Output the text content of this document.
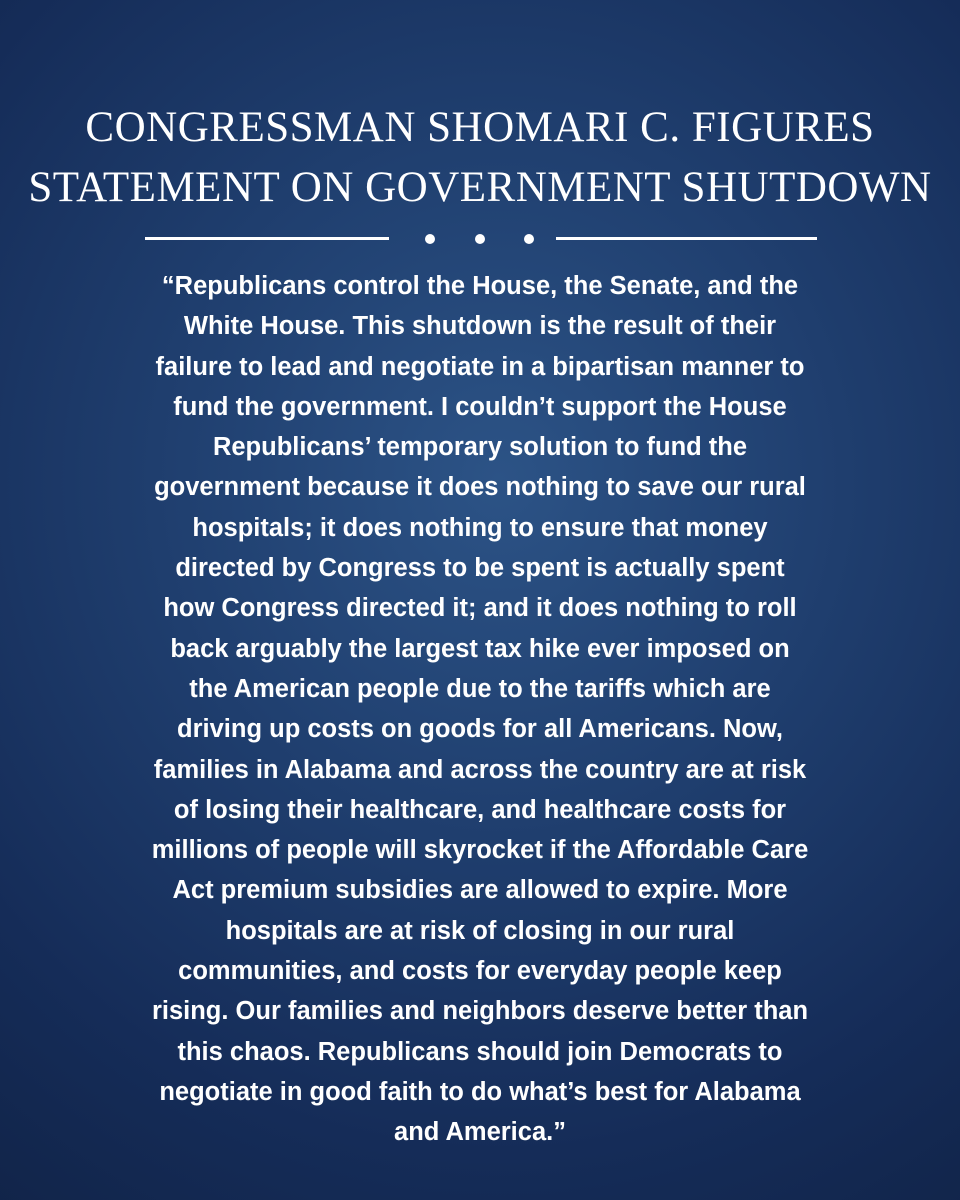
CONGRESSMAN SHOMARI C. FIGURES
STATEMENT ON GOVERNMENT SHUTDOWN
“Republicans control the House, the Senate, and the
White House. This shutdown is the result of their
failure to lead and negotiate in a bipartisan manner to
fund the government. I couldn’t support the House
Republicans’ temporary solution to fund the
government because it does nothing to save our rural
hospitals; it does nothing to ensure that money
directed by Congress to be spent is actually spent
how Congress directed it; and it does nothing to roll
back arguably the largest tax hike ever imposed on
the American people due to the tariffs which are
driving up costs on goods for all Americans. Now,
families in Alabama and across the country are at risk
of losing their healthcare, and healthcare costs for
millions of people will skyrocket if the Affordable Care
Act premium subsidies are allowed to expire. More
hospitals are at risk of closing in our rural
communities, and costs for everyday people keep
rising. Our families and neighbors deserve better than
this chaos. Republicans should join Democrats to
negotiate in good faith to do what’s best for Alabama
and America.”
